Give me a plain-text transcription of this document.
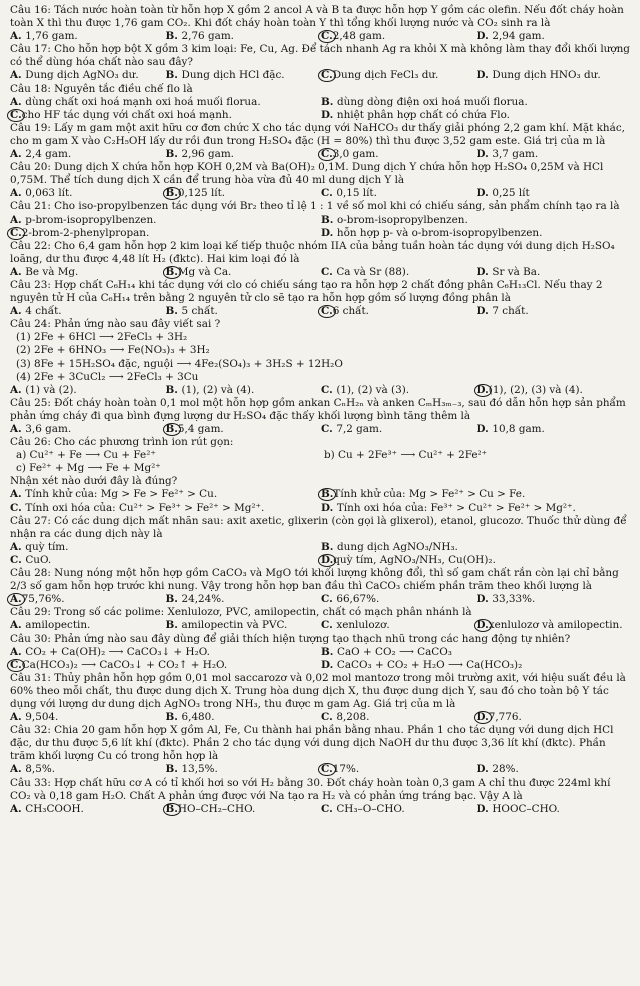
Câu 16: Tách nước hoàn toàn từ hỗn hợp X gồm 2 ancol A và B ta được hỗn hợp Y gồm các olefin. Nếu đốt cháy hoàn toàn X thì thu được 1,76 gam CO₂. Khi đốt cháy hoàn toàn Y thì tổng khối lượng nước và CO₂ sinh ra là
A. 1,76 gam.	B. 2,76 gam.	C.2,48 gam.	D. 2,94 gam.
Câu 17: Cho hỗn hợp bột X gồm 3 kim loại: Fe, Cu, Ag. Để tách nhanh Ag ra khỏi X mà không làm thay đổi khối lượng có thể dùng hóa chất nào sau đây?
A. Dung dịch AgNO₃ dư.	B. Dung dịch HCl đặc.	C.Dung dịch FeCl₃ dư.	D. Dung dịch HNO₃ dư.
Câu 18: Nguyên tắc điều chế flo là
A. dùng chất oxi hoá mạnh oxi hoá muối florua.	B. dùng dòng điện oxi hoá muối florua.
C.cho HF tác dụng với chất oxi hoá mạnh.	D. nhiệt phân hợp chất có chứa Flo.
Câu 19: Lấy m gam một axit hữu cơ đơn chức X cho tác dụng với NaHCO₃ dư thấy giải phóng 2,2 gam khí. Mặt khác, cho m gam X vào C₂H₅OH lấy dư rồi đun trong H₂SO₄ đặc (H = 80%) thì thu được 3,52 gam este. Giá trị của m là
A. 2,4 gam.	B. 2,96 gam.	C.3,0 gam.	D. 3,7 gam.
Câu 20: Dung dịch X chứa hỗn hợp KOH 0,2M và Ba(OH)₂ 0,1M. Dung dịch Y chứa hỗn hợp H₂SO₄ 0,25M và HCl 0,75M. Thể tích dung dịch X cần để trung hòa vừa đủ 40 ml dung dịch Y là
A. 0,063 lít.	B.0,125 lít.	C. 0,15 lít.	D. 0,25 lít
Câu 21: Cho iso-propylbenzen tác dụng với Br₂ theo tỉ lệ 1 : 1 về số mol khi có chiếu sáng, sản phẩm chính tạo ra là
A. p-brom-isopropylbenzen.	B. o-brom-isopropylbenzen.
C.2-brom-2-phenylpropan.	D. hỗn hợp p- và o-brom-isopropylbenzen.
Câu 22: Cho 6,4 gam hỗn hợp 2 kim loại kế tiếp thuộc nhóm IIA của bảng tuần hoàn tác dụng với dung dịch H₂SO₄ loãng, dư thu được 4,48 lít H₂ (đktc). Hai kim loại đó là
A. Be và Mg.	B.Mg và Ca.	C. Ca và Sr (88).	D. Sr và Ba.
Câu 23: Hợp chất C₆H₁₄ khi tác dụng với clo có chiếu sáng tạo ra hỗn hợp 2 chất đồng phân C₆H₁₃Cl. Nếu thay 2 nguyên tử H của C₆H₁₄ trên bằng 2 nguyên tử clo sẽ tạo ra hỗn hợp gồm số lượng đồng phân là
A. 4 chất.	B. 5 chất.	C.6 chất.	D. 7 chất.
Câu 24: Phản ứng nào sau đây viết sai ?
(1) 2Fe + 6HCl ⟶ 2FeCl₃ + 3H₂
(2) 2Fe + 6HNO₃ ⟶ Fe(NO₃)₃ + 3H₂
(3) 8Fe + 15H₂SO₄ đặc, nguội ⟶ 4Fe₂(SO₄)₃ + 3H₂S + 12H₂O
(4) 2Fe + 3CuCl₂ ⟶ 2FeCl₃ + 3Cu
A. (1) và (2).	B. (1), (2) và (4).	C. (1), (2) và (3).	D.(1), (2), (3) và (4).
Câu 25: Đốt cháy hoàn toàn 0,1 mol một hỗn hợp gồm ankan CₙH₂ₙ và anken CₘH₃ₘ₋₃, sau đó dẫn hỗn hợp sản phẩm phản ứng cháy đi qua bình đựng lượng dư H₂SO₄ đặc thấy khối lượng bình tăng thêm là
A. 3,6 gam.	B.5,4 gam.	C. 7,2 gam.	D. 10,8 gam.
Câu 26: Cho các phương trình ion rút gọn:
a) Cu²⁺ + Fe ⟶ Cu + Fe²⁺	b) Cu + 2Fe³⁺ ⟶ Cu²⁺ + 2Fe²⁺
c) Fe²⁺ + Mg ⟶ Fe + Mg²⁺
Nhận xét nào dưới đây là đúng?
A. Tính khử của: Mg > Fe > Fe²⁺ > Cu.	B.Tính khử của: Mg > Fe²⁺ > Cu > Fe.
C. Tính oxi hóa của: Cu²⁺ > Fe³⁺ > Fe²⁺ > Mg²⁺.	D. Tính oxi hóa của: Fe³⁺ > Cu²⁺ > Fe²⁺ > Mg²⁺.
Câu 27: Có các dung dịch mất nhãn sau: axit axetic, glixerin (còn gọi là glixerol), etanol, glucozơ. Thuốc thử dùng để nhận ra các dung dịch này là
A. quỳ tím.	B. dung dịch AgNO₃/NH₃.
C. CuO.	D.quỳ tím, AgNO₃/NH₃, Cu(OH)₂.
Câu 28: Nung nóng một hỗn hợp gồm CaCO₃ và MgO tới khối lượng không đổi, thì số gam chất rắn còn lại chỉ bằng 2/3 số gam hỗn hợp trước khi nung. Vậy trong hỗn hợp ban đầu thì CaCO₃ chiếm phần trăm theo khối lượng là
A.75,76%.	B. 24,24%.	C. 66,67%.	D. 33,33%.
Câu 29: Trong số các polime: Xenlulozơ, PVC, amilopectin, chất có mạch phân nhánh là
A. amilopectin.	B. amilopectin và PVC.	C. xenlulozơ.	D.xenlulozơ và amilopectin.
Câu 30: Phản ứng nào sau đây dùng để giải thích hiện tượng tạo thạch nhũ trong các hang động tự nhiên?
A. CO₂ + Ca(OH)₂ ⟶ CaCO₃↓ + H₂O.	B. CaO + CO₂ ⟶ CaCO₃
C.Ca(HCO₃)₂ ⟶ CaCO₃↓ + CO₂↑ + H₂O.	D. CaCO₃ + CO₂ + H₂O ⟶ Ca(HCO₃)₂
Câu 31: Thủy phân hỗn hợp gồm 0,01 mol saccarozơ và 0,02 mol mantozơ trong môi trường axit, với hiệu suất đều là 60% theo mỗi chất, thu được dung dịch X. Trung hòa dung dịch X, thu được dung dịch Y, sau đó cho toàn bộ Y tác dụng với lượng dư dung dịch AgNO₃ trong NH₃, thu được m gam Ag. Giá trị của m là
A. 9,504.	B. 6,480.	C. 8,208.	D.7,776.
Câu 32: Chia 20 gam hỗn hợp X gồm Al, Fe, Cu thành hai phần bằng nhau. Phần 1 cho tác dụng với dung dịch HCl đặc, dư thu được 5,6 lít khí (đktc). Phần 2 cho tác dụng với dung dịch NaOH dư thu được 3,36 lít khí (đktc). Phần trăm khối lượng Cu có trong hỗn hợp là
A. 8,5%.	B. 13,5%.	C.17%.	D. 28%.
Câu 33: Hợp chất hữu cơ A có tỉ khối hơi so với H₂ bằng 30. Đốt cháy hoàn toàn 0,3 gam A chỉ thu được 224ml khí CO₂ và 0,18 gam H₂O. Chất A phản ứng được với Na tạo ra H₂ và có phản ứng tráng bạc. Vậy A là
A. CH₃COOH.	B.HO–CH₂–CHO.	C. CH₃–O–CHO.	D. HOOC–CHO.
